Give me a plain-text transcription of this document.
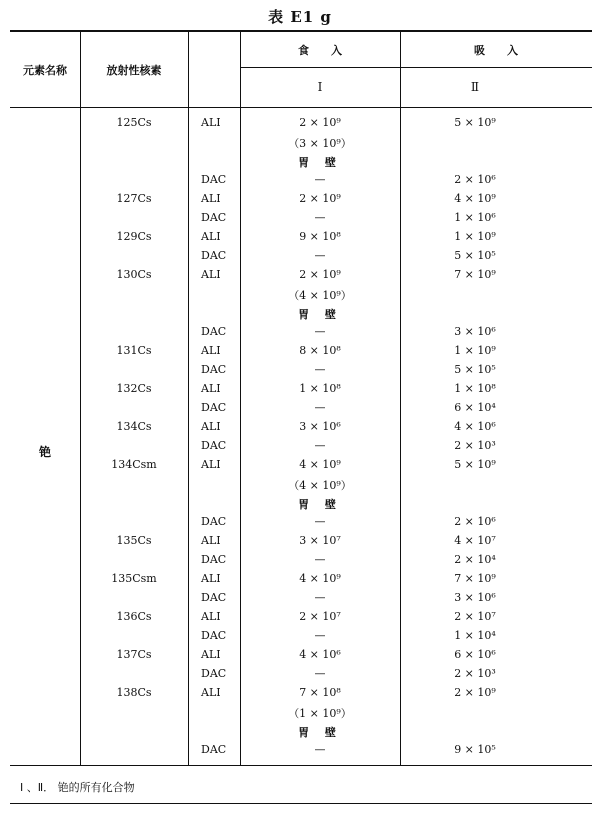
表 E1 g
元素名称	放射性核素
食　　入	吸　　入
I	Ⅱ
铯
125Cs	ALI	2 × 10⁹	5 × 10⁹
（3 × 10⁹）
胃 壁
DAC	—	2 × 10⁶
127Cs	ALI	2 × 10⁹	4 × 10⁹
DAC	—	1 × 10⁶
129Cs	ALI	9 × 10⁸	1 × 10⁹
DAC	—	5 × 10⁵
130Cs	ALI	2 × 10⁹	7 × 10⁹
（4 × 10⁹）
胃 壁
DAC	—	3 × 10⁶
131Cs	ALI	8 × 10⁸	1 × 10⁹
DAC	—	5 × 10⁵
132Cs	ALI	1 × 10⁸	1 × 10⁸
DAC	—	6 × 10⁴
134Cs	ALI	3 × 10⁶	4 × 10⁶
DAC	—	2 × 10³
134Csm	ALI	4 × 10⁹	5 × 10⁹
（4 × 10⁹）
胃 壁
DAC	—	2 × 10⁶
135Cs	ALI	3 × 10⁷	4 × 10⁷
DAC	—	2 × 10⁴
135Csm	ALI	4 × 10⁹	7 × 10⁹
DAC	—	3 × 10⁶
136Cs	ALI	2 × 10⁷	2 × 10⁷
DAC	—	1 × 10⁴
137Cs	ALI	4 × 10⁶	6 × 10⁶
DAC	—	2 × 10³
138Cs	ALI	7 × 10⁸	2 × 10⁹
（1 × 10⁹）
胃 壁
DAC	—	9 × 10⁵
I 、Ⅱ． 铯的所有化合物
